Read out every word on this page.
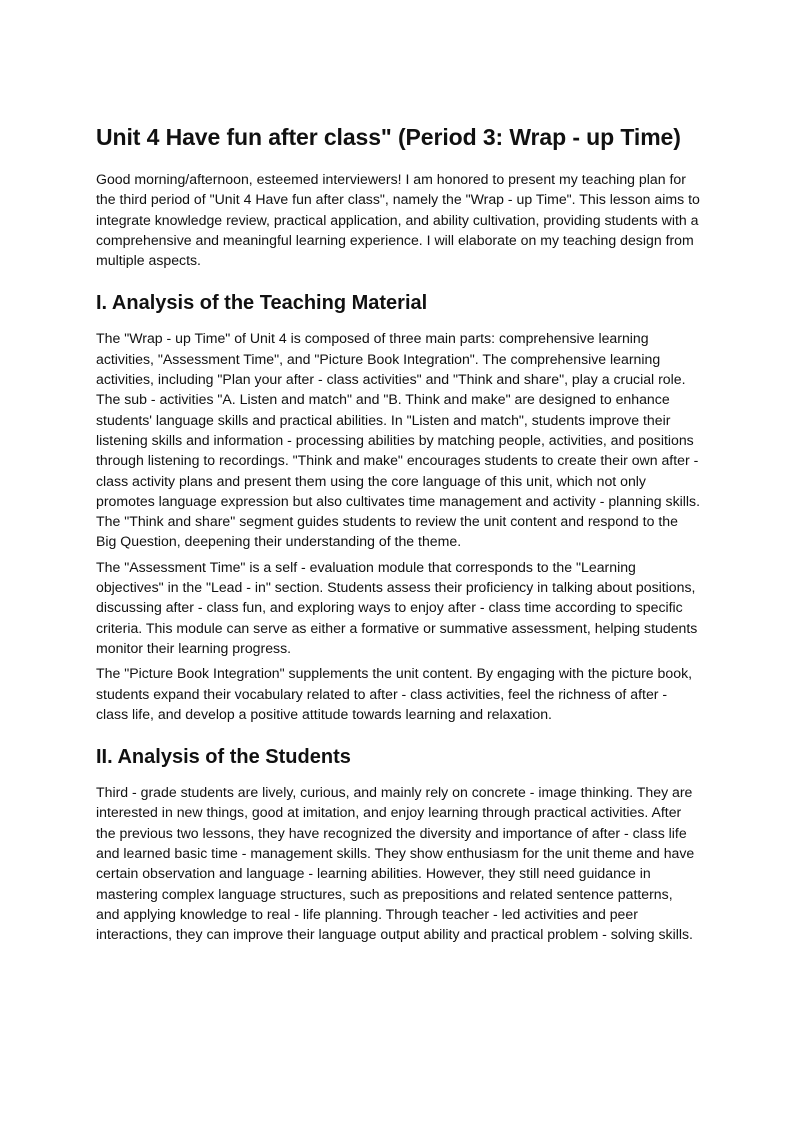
Unit 4 Have fun after class" (Period 3: Wrap - up Time)

Good morning/afternoon, esteemed interviewers! I am honored to present my teaching plan for the third period of "Unit 4 Have fun after class", namely the "Wrap - up Time". This lesson aims to integrate knowledge review, practical application, and ability cultivation, providing students with a comprehensive and meaningful learning experience. I will elaborate on my teaching design from multiple aspects.

I. Analysis of the Teaching Material

The "Wrap - up Time" of Unit 4 is composed of three main parts: comprehensive learning activities, "Assessment Time", and "Picture Book Integration". The comprehensive learning activities, including "Plan your after - class activities" and "Think and share", play a crucial role. The sub - activities "A. Listen and match" and "B. Think and make" are designed to enhance students' language skills and practical abilities. In "Listen and match", students improve their listening skills and information - processing abilities by matching people, activities, and positions through listening to recordings. "Think and make" encourages students to create their own after - class activity plans and present them using the core language of this unit, which not only promotes language expression but also cultivates time management and activity - planning skills. The "Think and share" segment guides students to review the unit content and respond to the Big Question, deepening their understanding of the theme.

The "Assessment Time" is a self - evaluation module that corresponds to the "Learning objectives" in the "Lead - in" section. Students assess their proficiency in talking about positions, discussing after - class fun, and exploring ways to enjoy after - class time according to specific criteria. This module can serve as either a formative or summative assessment, helping students monitor their learning progress.

The "Picture Book Integration" supplements the unit content. By engaging with the picture book, students expand their vocabulary related to after - class activities, feel the richness of after - class life, and develop a positive attitude towards learning and relaxation.

II. Analysis of the Students

Third - grade students are lively, curious, and mainly rely on concrete - image thinking. They are interested in new things, good at imitation, and enjoy learning through practical activities. After the previous two lessons, they have recognized the diversity and importance of after - class life and learned basic time - management skills. They show enthusiasm for the unit theme and have certain observation and language - learning abilities. However, they still need guidance in mastering complex language structures, such as prepositions and related sentence patterns, and applying knowledge to real - life planning. Through teacher - led activities and peer interactions, they can improve their language output ability and practical problem - solving skills.
